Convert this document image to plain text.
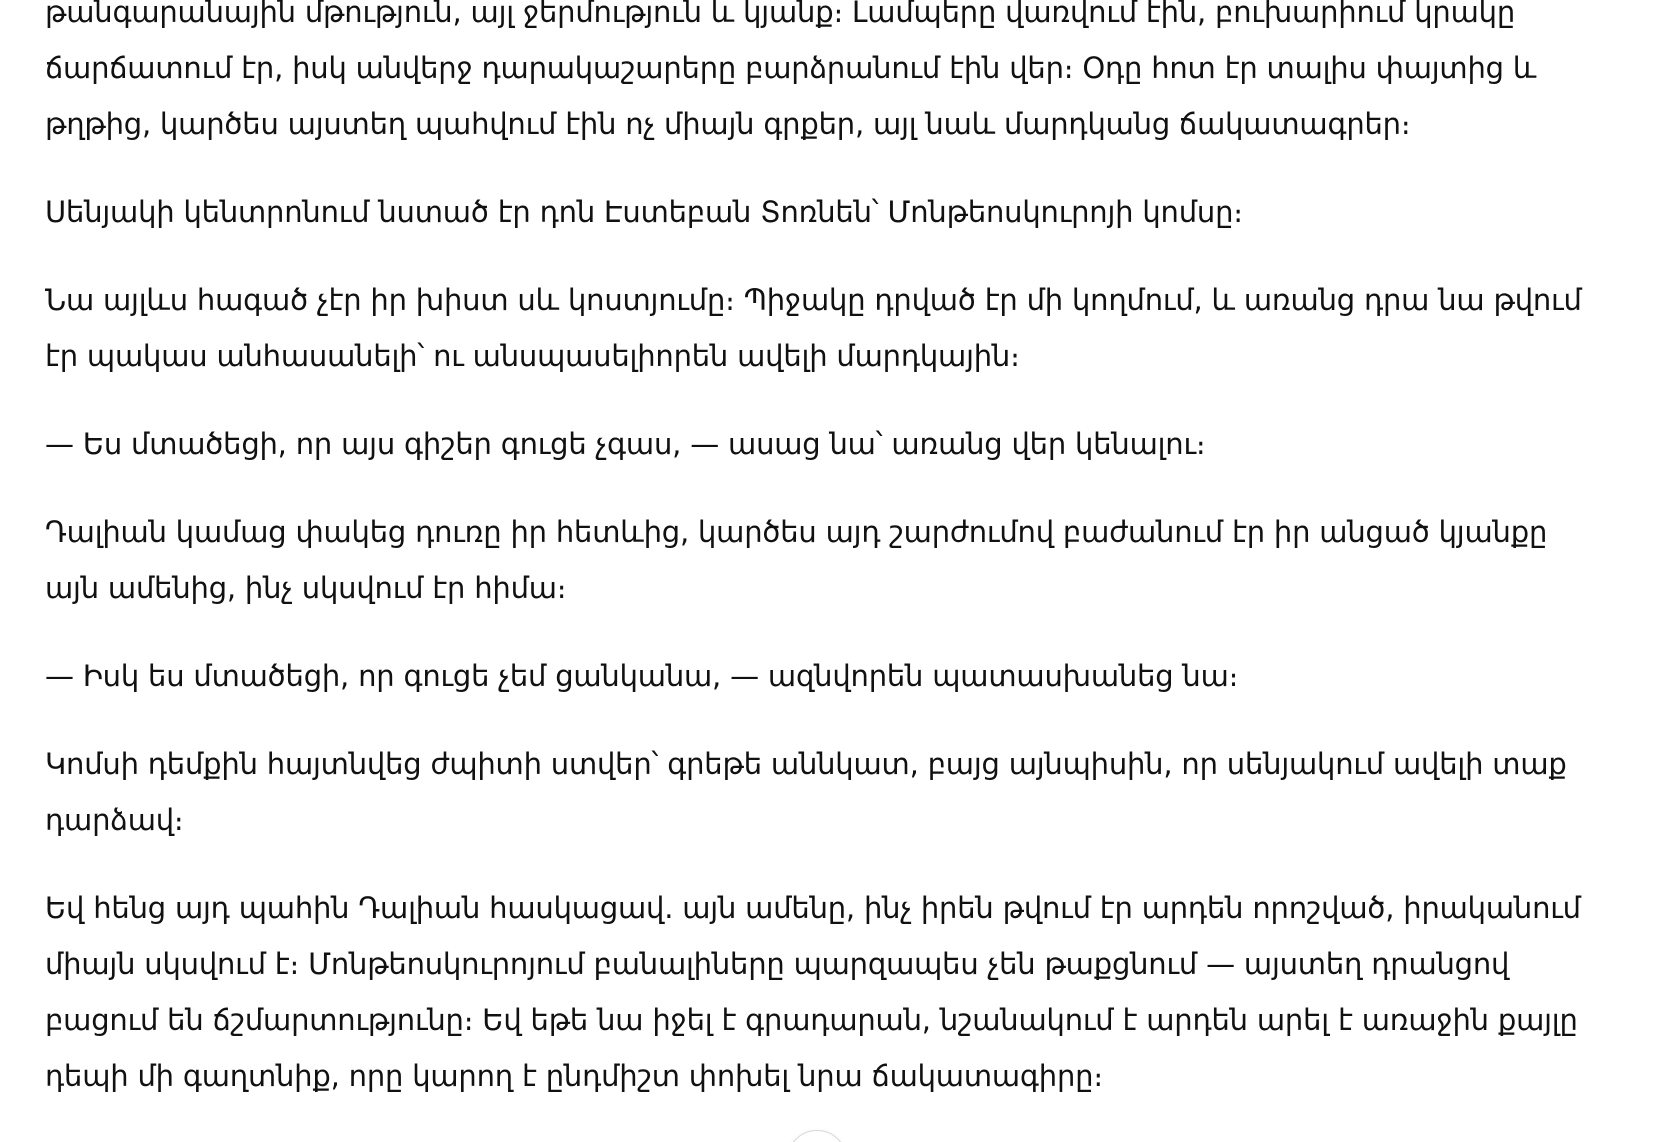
թանգարանային մթություն, այլ ջերմություն և կյանք։ Լամպերը վառվում էին, բուխարիում կրակը ճարճատում էր, իսկ անվերջ դարակաշարերը բարձրանում էին վեր։ Օդը հոտ էր տալիս փայտից և թղթից, կարծես այստեղ պահվում էին ոչ միայն գրքեր, այլ նաև մարդկանց ճակատագրեր։

Սենյակի կենտրոնում նստած էր դոն Էստեբան Տոռնեն՝ Մոնթեոսկուրոյի կոմսը։

Նա այլևս հագած չէր իր խիստ սև կոստյումը։ Պիջակը դրված էր մի կողմում, և առանց դրա նա թվում էր պակաս անհասանելի՝ ու անսպասելիորեն ավելի մարդկային։

— Ես մտածեցի, որ այս գիշեր գուցե չգաս, — ասաց նա՝ առանց վեր կենալու։

Դալիան կամաց փակեց դուռը իր հետևից, կարծես այդ շարժումով բաժանում էր իր անցած կյանքը այն ամենից, ինչ սկսվում էր հիմա։

— Իսկ ես մտածեցի, որ գուցե չեմ ցանկանա, — ազնվորեն պատասխանեց նա։

Կոմսի դեմքին հայտնվեց ժպիտի ստվեր՝ գրեթե աննկատ, բայց այնպիսին, որ սենյակում ավելի տաք դարձավ։

Եվ հենց այդ պահին Դալիան հասկացավ. այն ամենը, ինչ իրեն թվում էր արդեն որոշված, իրականում միայն սկսվում է։ Մոնթեոսկուրոյում բանալիները պարզապես չեն թաքցնում — այստեղ դրանցով բացում են ճշմարտությունը։ Եվ եթե նա իջել է գրադարան, նշանակում է արդեն արել է առաջին քայլը դեպի մի գաղտնիք, որը կարող է ընդմիշտ փոխել նրա ճակատագիրը։
